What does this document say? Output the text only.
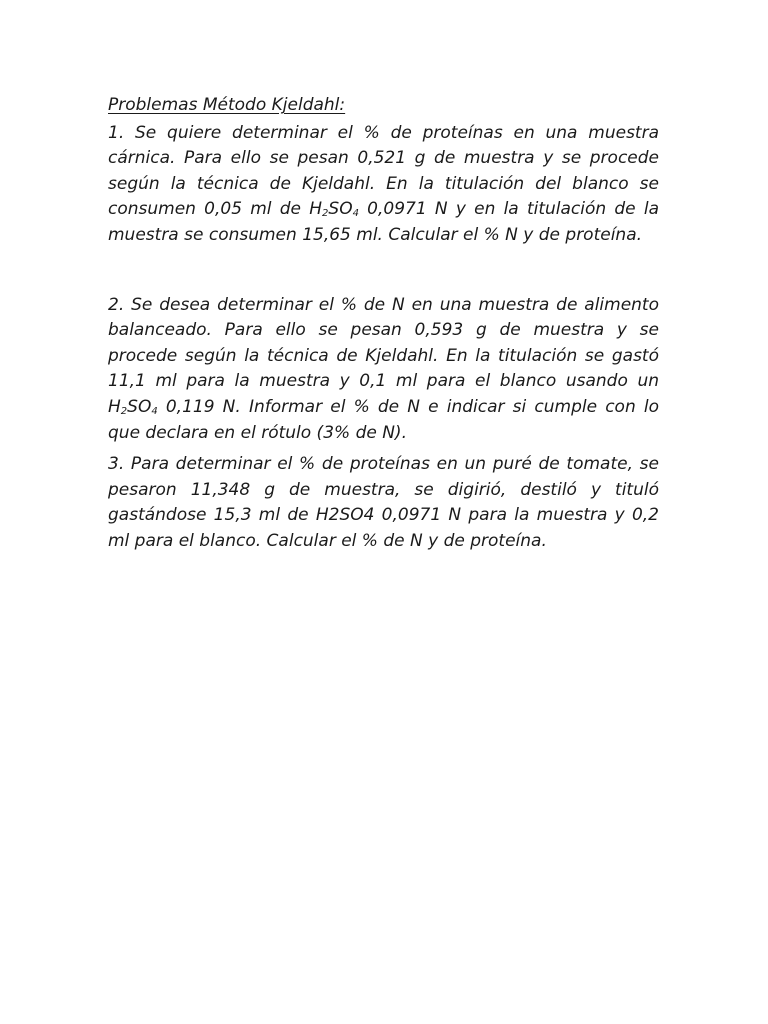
Problemas Método Kjeldahl:

1. Se quiere determinar el % de proteínas en una muestra cárnica. Para ello se pesan 0,521 g de muestra y se procede según la técnica de Kjeldahl. En la titulación del blanco se consumen 0,05 ml de $H_2SO_4$ 0,0971 N y en la titulación de la muestra se consumen 15,65 ml. Calcular el % N y de proteína.

2. Se desea determinar el % de N en una muestra de alimento balanceado. Para ello se pesan 0,593 g de muestra y se procede según la técnica de Kjeldahl. En la titulación se gastó 11,1 ml para la muestra y 0,1 ml para el blanco usando un $H_2SO_4$ 0,119 N. Informar el % de N e indicar si cumple con lo que declara en el rótulo (3% de N).

3. Para determinar el % de proteínas en un puré de tomate, se pesaron 11,348 g de muestra, se digirió, destiló y tituló gastándose 15,3 ml de H2SO4 0,0971 N para la muestra y 0,2 ml para el blanco. Calcular el % de N y de proteína.
